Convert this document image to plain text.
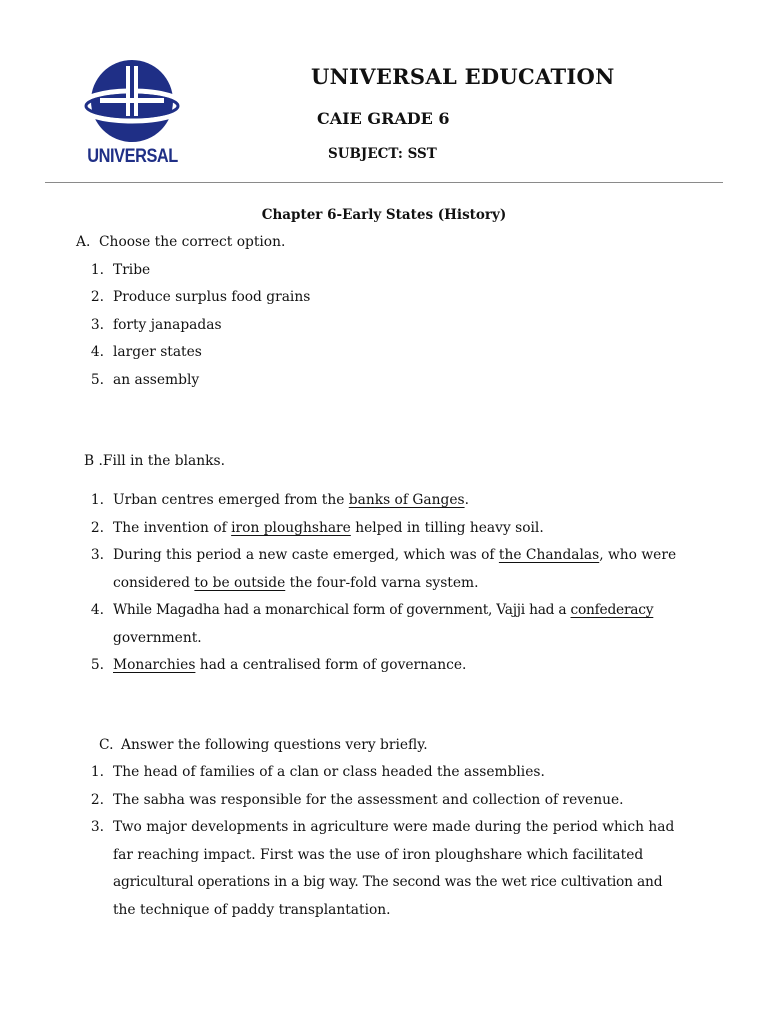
UNIVERSAL
UNIVERSAL EDUCATION
CAIE GRADE 6
SUBJECT: SST
Chapter 6-Early States (History)
A. Choose the correct option.
1. Tribe
2. Produce surplus food grains
3. forty janapadas
4. larger states
5. an assembly
B .Fill in the blanks.
1. Urban centres emerged from the banks of Ganges.
2. The invention of iron ploughshare helped in tilling heavy soil.
3. During this period a new caste emerged, which was of the Chandalas, who were
considered to be outside the four-fold varna system.
4. While Magadha had a monarchical form of government, Vajji had a confederacy
government.
5. Monarchies had a centralised form of governance.
C. Answer the following questions very briefly.
1. The head of families of a clan or class headed the assemblies.
2. The sabha was responsible for the assessment and collection of revenue.
3. Two major developments in agriculture were made during the period which had
far reaching impact. First was the use of iron ploughshare which facilitated
agricultural operations in a big way. The second was the wet rice cultivation and
the technique of paddy transplantation.
